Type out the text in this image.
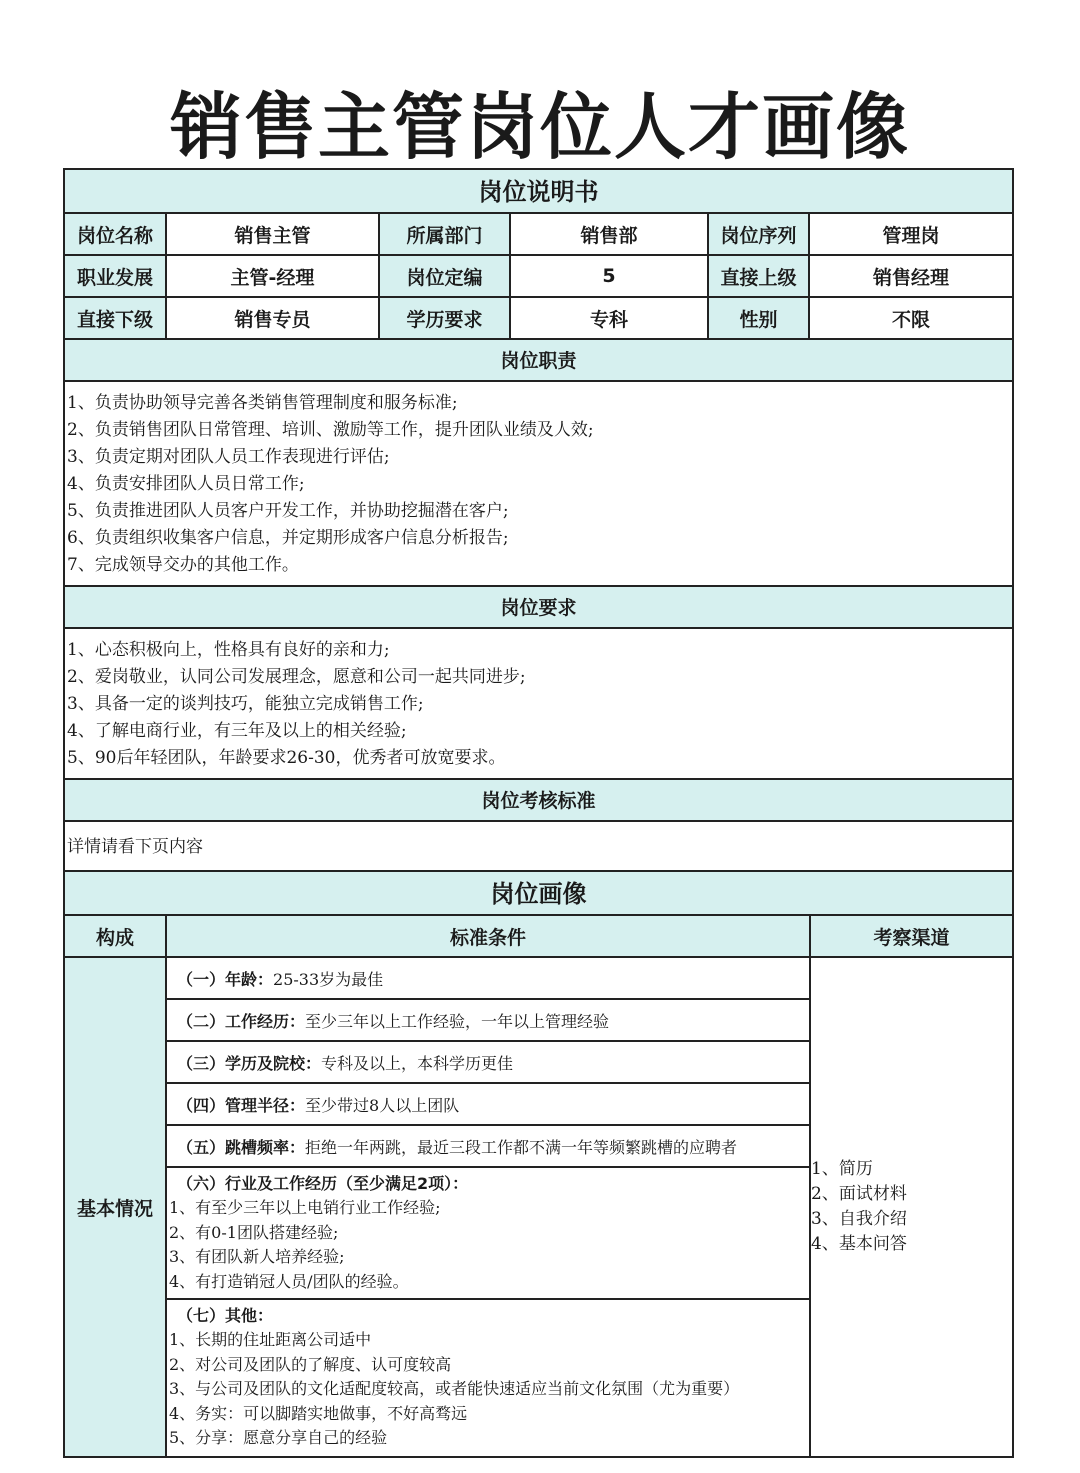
销售主管岗位人才画像
岗位说明书
岗位名称	销售主管	所属部门	销售部	岗位序列	管理岗
职业发展	主管-经理	岗位定编	5	直接上级	销售经理
直接下级	销售专员	学历要求	专科	性别	不限
岗位职责
1、负责协助领导完善各类销售管理制度和服务标准;
2、负责销售团队日常管理、培训、激励等工作，提升团队业绩及人效;
3、负责定期对团队人员工作表现进行评估;
4、负责安排团队人员日常工作;
5、负责推进团队人员客户开发工作，并协助挖掘潜在客户;
6、负责组织收集客户信息，并定期形成客户信息分析报告;
7、完成领导交办的其他工作。
岗位要求
1、心态积极向上，性格具有良好的亲和力;
2、爱岗敬业，认同公司发展理念，愿意和公司一起共同进步;
3、具备一定的谈判技巧，能独立完成销售工作;
4、了解电商行业，有三年及以上的相关经验;
5、90后年轻团队，年龄要求26-30，优秀者可放宽要求。
岗位考核标准
详情请看下页内容
岗位画像
构成	标准条件	考察渠道
基本情况
（一）年龄： 25-33岁为最佳
（二）工作经历： 至少三年以上工作经验，一年以上管理经验
（三）学历及院校： 专科及以上，本科学历更佳
（四）管理半径： 至少带过8人以上团队
（五）跳槽频率： 拒绝一年两跳，最近三段工作都不满一年等频繁跳槽的应聘者
（六）行业及工作经历（至少满足2项）：
1、有至少三年以上电销行业工作经验;
2、有0-1团队搭建经验;
3、有团队新人培养经验;
4、有打造销冠人员/团队的经验。
（七）其他：
1、长期的住址距离公司适中
2、对公司及团队的了解度、认可度较高
3、与公司及团队的文化适配度较高，或者能快速适应当前文化氛围（尤为重要）
4、务实：可以脚踏实地做事，不好高骛远
5、分享：愿意分享自己的经验
1、简历
2、面试材料
3、自我介绍
4、基本问答
